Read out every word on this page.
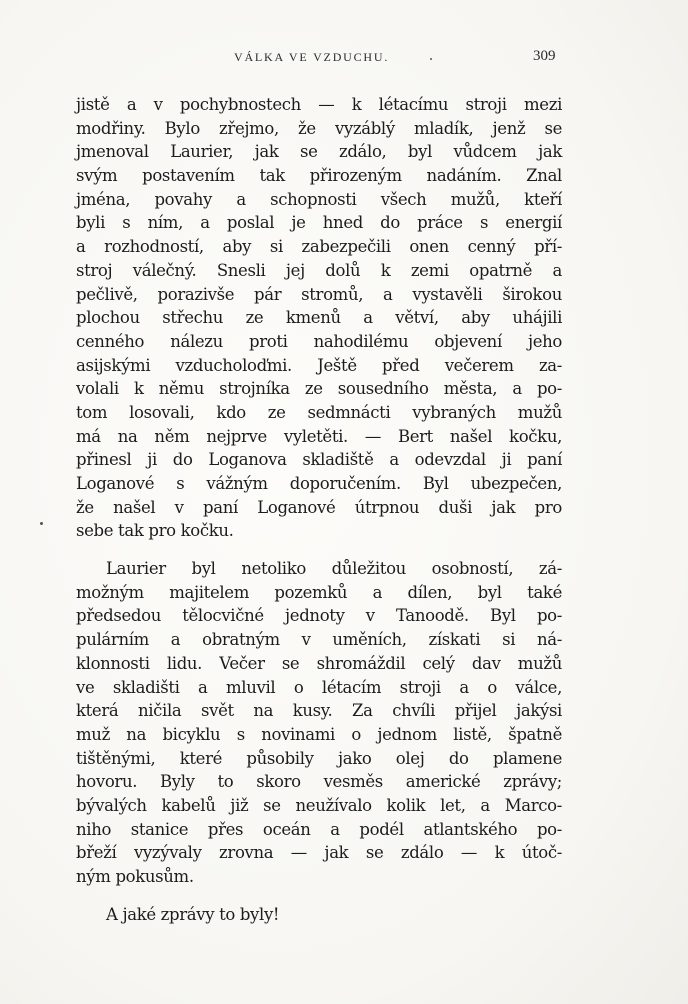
VÁLKA VE VZDUCHU.	309
jistě a v pochybnostech — k létacímu stroji mezi
modřiny. Bylo zřejmo, že vyzáblý mladík, jenž se
jmenoval Laurier, jak se zdálo, byl vůdcem jak
svým postavením tak přirozeným nadáním. Znal
jména, povahy a schopnosti všech mužů, kteří
byli s ním, a poslal je hned do práce s energií
a rozhodností, aby si zabezpečili onen cenný pří-
stroj válečný. Snesli jej dolů k zemi opatrně a
pečlivě, porazivše pár stromů, a vystavěli širokou
plochou střechu ze kmenů a větví, aby uhájili
cenného nálezu proti nahodilému objevení jeho
asijskými vzducholoďmi. Ještě před večerem za-
volali k němu strojníka ze sousedního města, a po-
tom losovali, kdo ze sedmnácti vybraných mužů
má na něm nejprve vyletěti. — Bert našel kočku,
přinesl ji do Loganova skladiště a odevzdal ji paní
Loganové s vážným doporučením. Byl ubezpečen,
že našel v paní Loganové útrpnou duši jak pro
sebe tak pro kočku.
Laurier byl netoliko důležitou osobností, zá-
možným majitelem pozemků a dílen, byl také
předsedou tělocvičné jednoty v Tanoodě. Byl po-
pulárním a obratným v uměních, získati si ná-
klonnosti lidu. Večer se shromáždil celý dav mužů
ve skladišti a mluvil o létacím stroji a o válce,
která ničila svět na kusy. Za chvíli přijel jakýsi
muž na bicyklu s novinami o jednom listě, špatně
tištěnými, které působily jako olej do plamene
hovoru. Byly to skoro vesměs americké zprávy;
bývalých kabelů již se neužívalo kolik let, a Marco-
niho stanice přes oceán a podél atlantského po-
břeží vyzývaly zrovna — jak se zdálo — k útoč-
ným pokusům.
A jaké zprávy to byly!
